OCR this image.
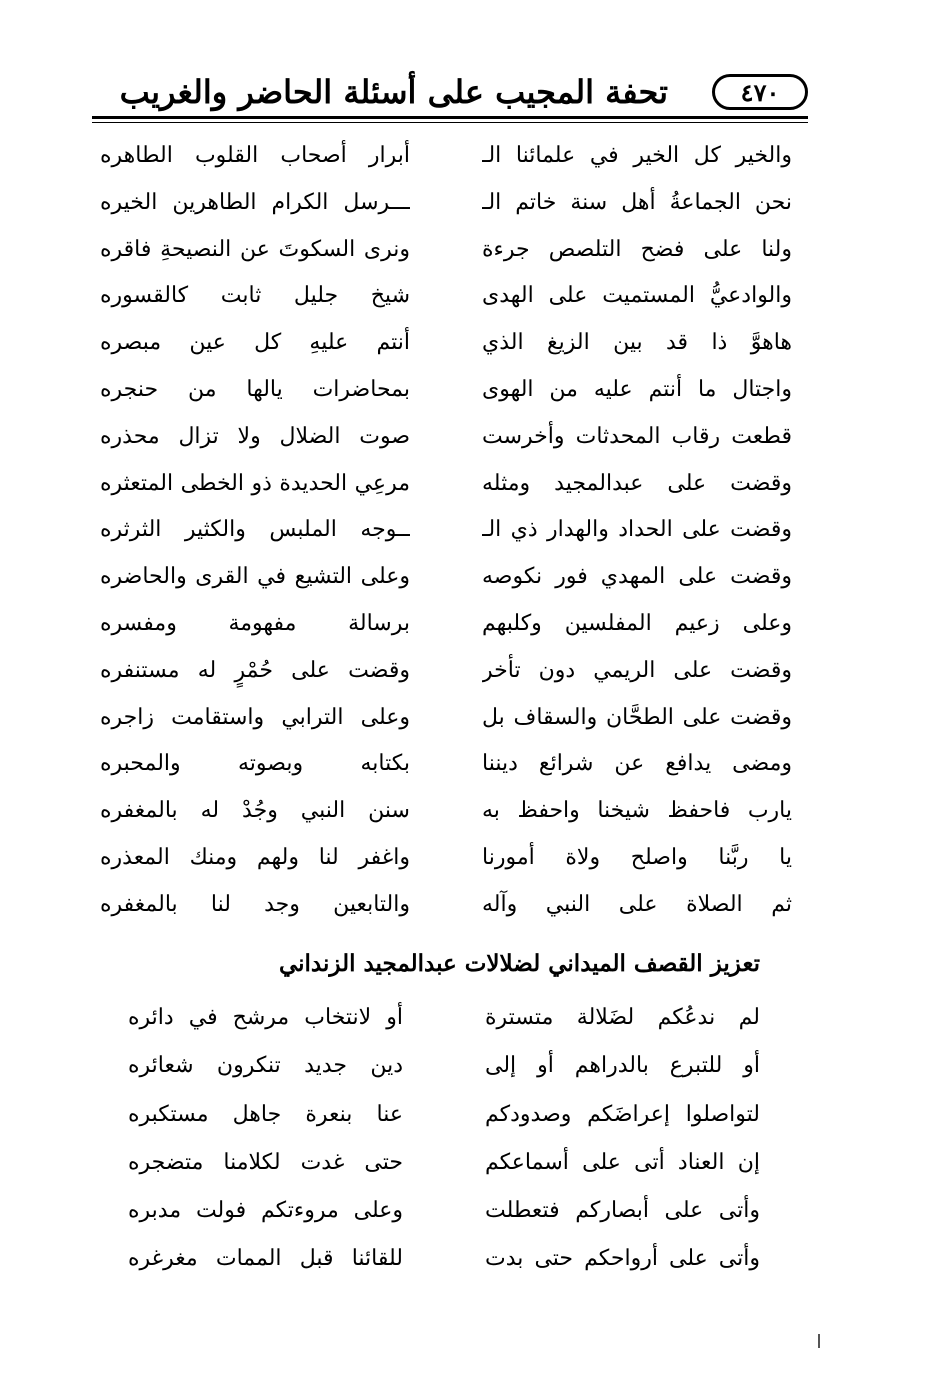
٤٧٠
تحفة المجيب على أسئلة الحاضر والغريب
والخير كل الخير في علمائنا الـ
أبرار أصحاب القلوب الطاهره
نحن الجماعةُ أهل سنة خاتم الـ
ـــرسل الكرام الطاهرين الخيره
ولنا على فضح التلصص جرءة
ونرى السكوتَ عن النصيحةِ فاقره
والوادعيُّ المستميت على الهدى
شيخ جليل ثابت كالقسوره
هاهوَّ ذا قد بين الزيغ الذي
أنتم عليهِ كل عين مبصره
واجتال ما أنتم عليه من الهوى
بمحاضرات يالها من حنجره
قطعت رقاب المحدثات وأخرست
صوت الضلال ولا تزال محذره
وقضت على عبدالمجيد ومثله
مرعِي الحديدة ذو الخطى المتعثره
وقضت على الحداد والهدار ذي الـ
ــوجه الملبس والكثير الثرثره
وقضت على المهدي فور نكوصه
وعلى التشيع في القرى والحاضره
وعلى زعيم المفلسين وكلبهم
برسالة مفهومة ومفسره
وقضت على الريمي دون تأخر
وقضت على حُمْرٍ له مستنفره
وقضت على الطحَّان والسقاف بل
وعلى الترابي واستقامت زاجره
ومضى يدافع عن شرائع ديننا
بكتابه وبصوته والمحبره
يارب فاحفظ شيخنا واحفظ به
سنن النبي وجُدْ له بالمغفره
يا ربَّنا واصلح ولاة أمورنا
واغفر لنا ولهم ومنك المعذره
ثم الصلاة على النبي وآله
والتابعين وجد لنا بالمغفره
تعزيز القصف الميداني لضلالات عبدالمجيد الزنداني
لم ندعُكم لضَلالة متسترة
أو لانتخاب مرشح في دائره
أو للتبرع بالدراهم أو إلى
دين جديد تنكرون شعائره
لتواصلوا إعراضَكم وصدودكم
عنا بنعرة جاهل مستكبره
إن العناد أتى على أسماعكم
حتى غدت لكلامنا متضجره
وأتى على أبصاركم فتعطلت
وعلى مروءتكم فولت مدبره
وأتى على أرواحكم حتى بدت
للقائنا قبل الممات مغرغره
